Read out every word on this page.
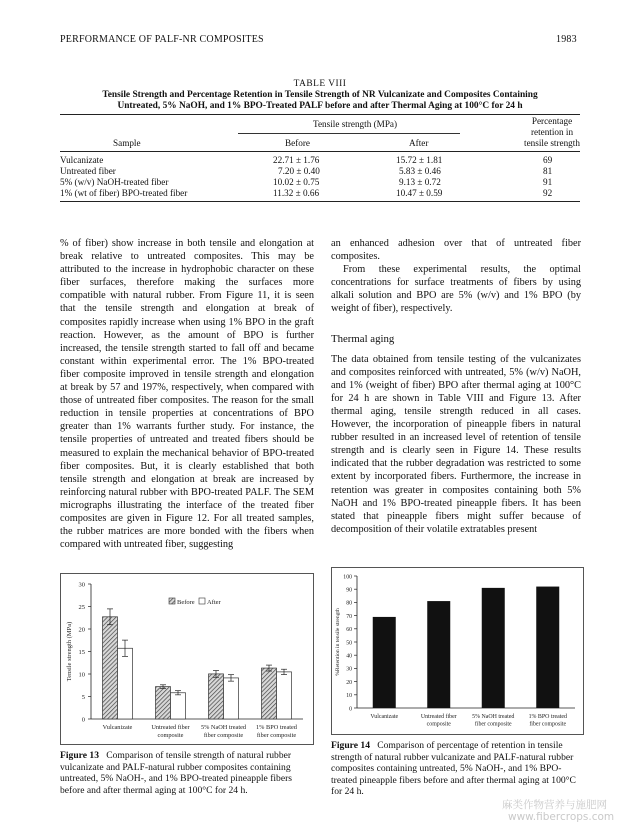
PERFORMANCE OF PALF-NR COMPOSITES	1983
TABLE VIII
Tensile Strength and Percentage Retention in Tensile Strength of NR Vulcanizate and Composites Containing
Untreated, 5% NaOH, and 1% BPO-Treated PALF before and after Thermal Aging at 100°C for 24 h
Tensile strength (MPa)	Percentage
retention in
tensile strength
Sample	Before	After
Vulcanizate	22.71 ± 1.76	15.72 ± 1.81	69
Untreated fiber	7.20 ± 0.40	5.83 ± 0.46	81
5% (w/v) NaOH-treated fiber	10.02 ± 0.75	9.13 ± 0.72	91
1% (wt of fiber) BPO-treated fiber	11.32 ± 0.66	10.47 ± 0.59	92

% of fiber) show increase in both tensile and elongation at break relative to untreated composites. This may be attributed to the increase in hydrophobic character on these fiber surfaces, therefore making the surfaces more compatible with natural rubber. From Figure 11, it is seen that the tensile strength and elongation at break of composites rapidly increase when using 1% BPO in the graft reaction. However, as the amount of BPO is further increased, the tensile strength started to fall off and became constant within experimental error. The 1% BPO-treated fiber composite improved in tensile strength and elongation at break by 57 and 197%, respectively, when compared with those of untreated fiber composites. The reason for the small reduction in tensile properties at concentrations of BPO greater than 1% warrants further study. For instance, the tensile properties of untreated and treated fibers should be measured to explain the mechanical behavior of BPO-treated fiber composites. But, it is clearly established that both tensile strength and elongation at break are increased by reinforcing natural rubber with BPO-treated PALF. The SEM micrographs illustrating the interface of the treated fiber composites are given in Figure 12. For all treated samples, the rubber matrices are more bonded with the fibers when compared with untreated fiber, suggesting

an enhanced adhesion over that of untreated fiber composites.

From these experimental results, the optimal concentrations for surface treatments of fibers by using alkali solution and BPO are 5% (w/v) and 1% BPO (by weight of fiber), respectively.

Thermal aging

The data obtained from tensile testing of the vulcanizates and composites reinforced with untreated, 5% (w/v) NaOH, and 1% (weight of fiber) BPO after thermal aging at 100°C for 24 h are shown in Table VIII and Figure 13. After thermal aging, tensile strength reduced in all cases. However, the incorporation of pineapple fibers in natural rubber resulted in an increased level of retention of tensile strength and is clearly seen in Figure 14. These results indicated that the rubber degradation was restricted to some extent by incorporated fibers. Furthermore, the increase in retention was greater in composites containing both 5% NaOH and 1% BPO-treated pineapple fibers. It has been stated that pineapple fibers might suffer because of decomposition of their volatile extratables present

0
5
10
15
20
25
30
Tensile strength (MPa)
Vulcanizate	Untreated fiber
composite
5% NaOH treated
fiber composite
1% BPO treated
fiber composite
Before After
Figure 13 Comparison of tensile strength of natural rubber vulcanizate and PALF-natural rubber composites containing untreated, 5% NaOH-, and 1% BPO-treated pineapple fibers before and after thermal aging at 100°C for 24 h.
0
10
20
30
40
50
60
70
80
90
100
%Retention in tensile strength
Vulcanizate	Untreated fiber
composite
5% NaOH treated
fiber composite
1% BPO treated
fiber composite
Figure 14 Comparison of percentage of retention in tensile strength of natural rubber vulcanizate and PALF-natural rubber composites containing untreated, 5% NaOH-, and 1% BPO-treated pineapple fibers before and after thermal aging at 100°C for 24 h.
麻类作物营养与施肥网
www.fibercrops.com
